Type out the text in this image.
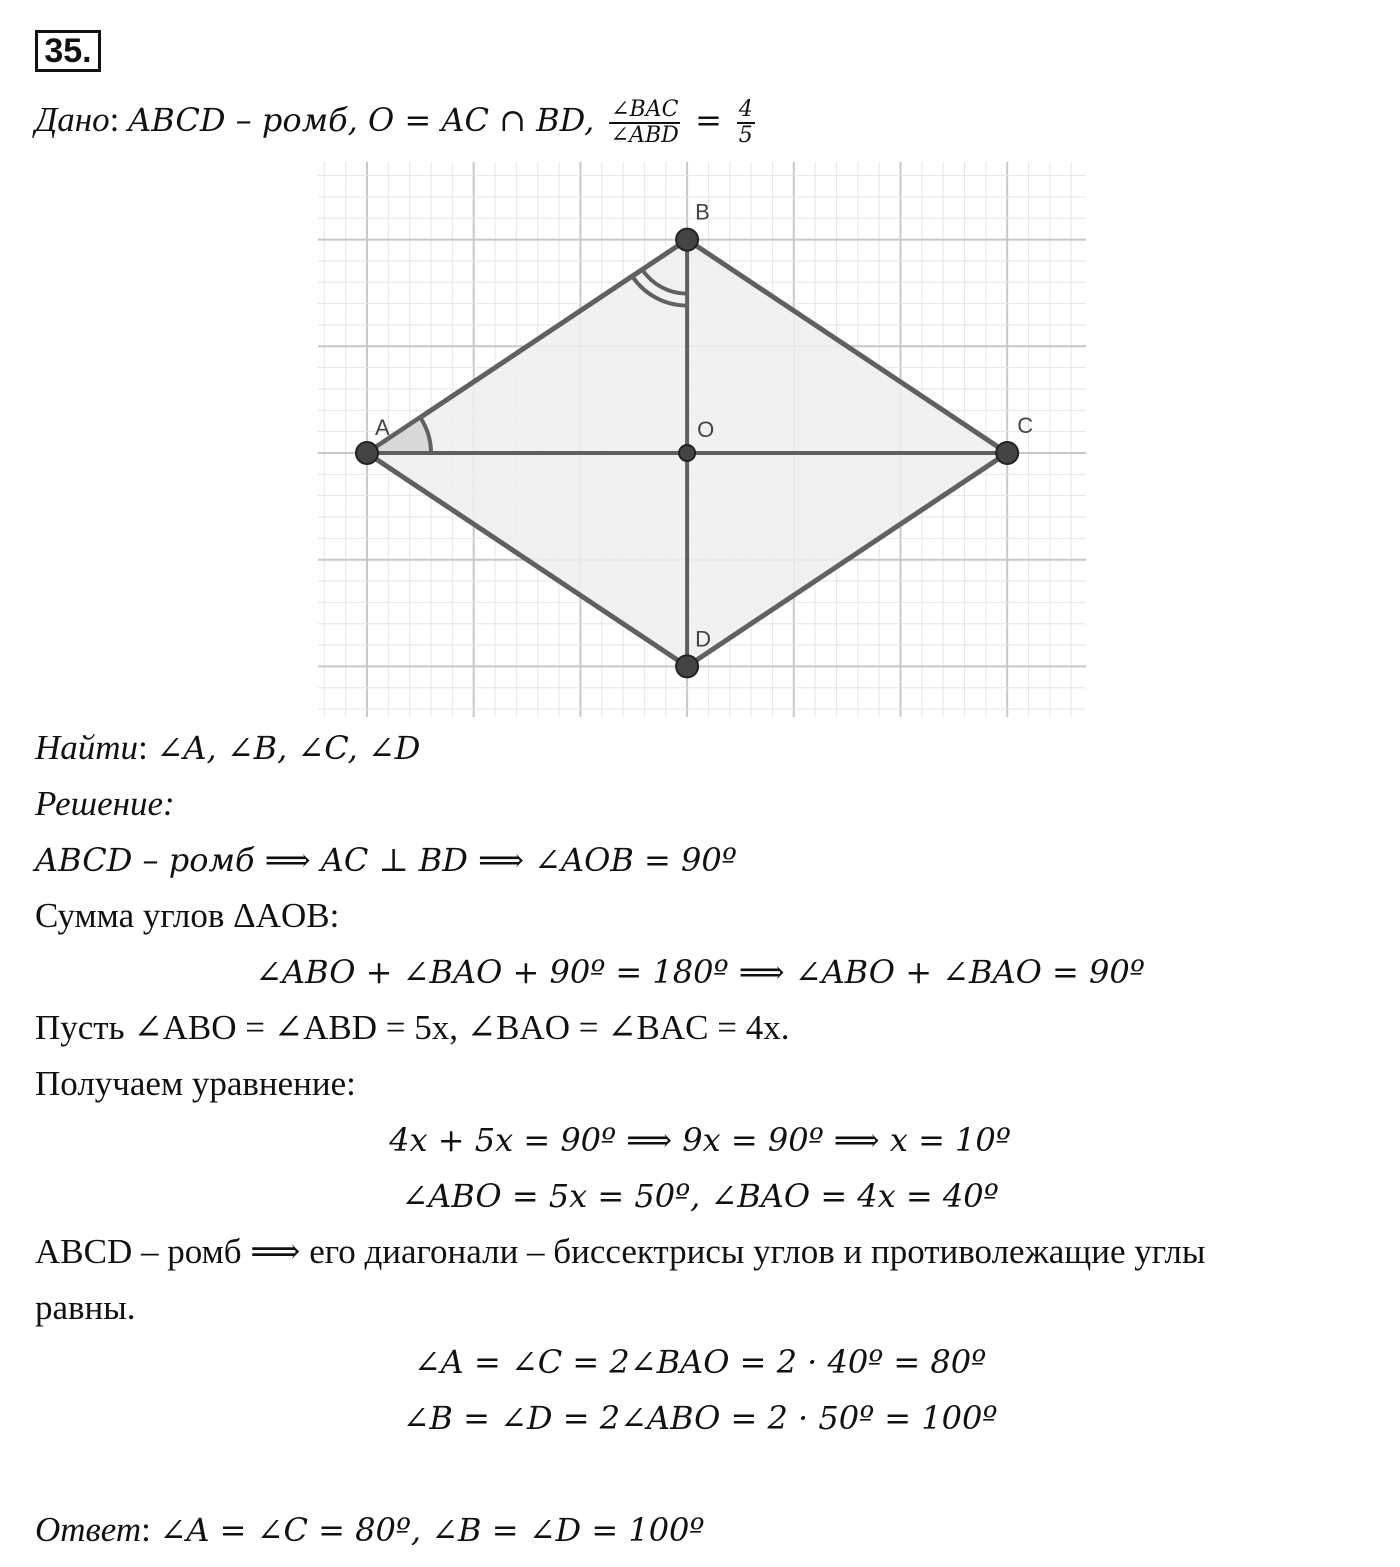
35.
Дано: ABCD – ромб, O = AC ∩ BD, $\frac{\text{∠BAC}}{\text{∠ABD}} = \frac{4}{5}$
A
B
C
D
O
Найти: ∠A, ∠B, ∠C, ∠D
Решение:
ABCD – ромб ⟹ AC ⊥ BD ⟹ ∠AOB = 90º
Сумма углов ΔAOB:
∠ABO + ∠BAO + 90º = 180º ⟹ ∠ABO + ∠BAO = 90º
Пусть ∠ABO = ∠ABD = 5x, ∠BAO = ∠BAC = 4x.
Получаем уравнение:
4x + 5x = 90º ⟹ 9x = 90º ⟹ x = 10º
∠ABO = 5x = 50º, ∠BAO = 4x = 40º
ABCD – ромб ⟹ его диагонали – биссектрисы углов и противолежащие углы
равны.
∠A = ∠C = 2∠BAO = 2 · 40º = 80º
∠B = ∠D = 2∠ABO = 2 · 50º = 100º
Ответ: ∠A = ∠C = 80º, ∠B = ∠D = 100º
